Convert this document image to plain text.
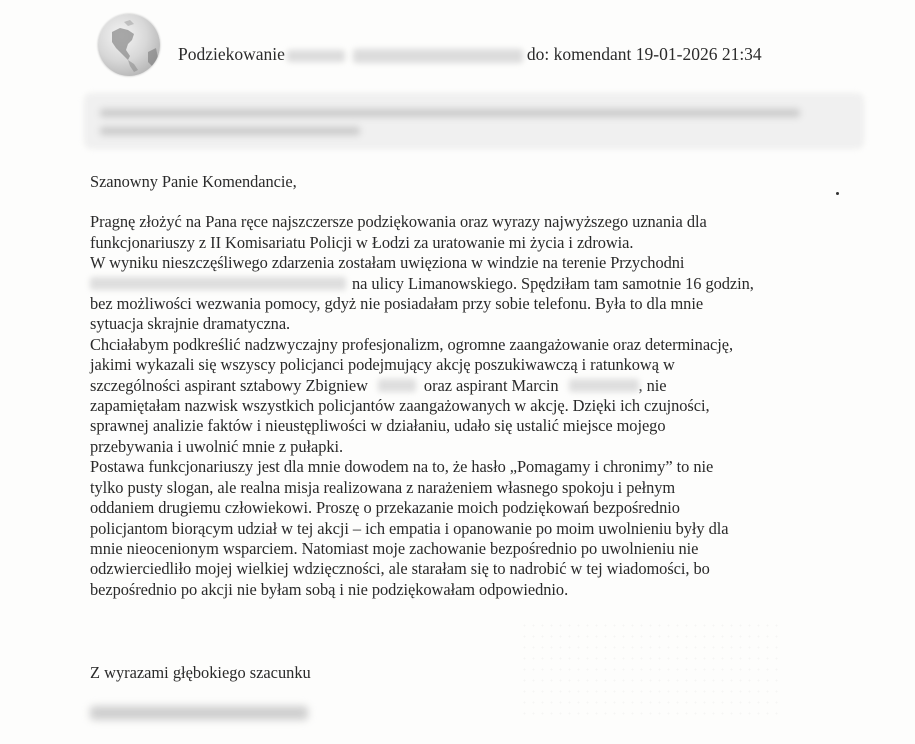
Podziekowanie	do: komendant 19-01-2026 21:34

Szanowny Panie Komendancie,

Pragnę złożyć na Pana ręce najszczersze podziękowania oraz wyrazy najwyższego uznania dla

funkcjonariuszy z II Komisariatu Policji w Łodzi za uratowanie mi życia i zdrowia.

W wyniku nieszczęśliwego zdarzenia zostałam uwięziona w windzie na terenie Przychodni

na ulicy Limanowskiego. Spędziłam tam samotnie 16 godzin,

bez możliwości wezwania pomocy, gdyż nie posiadałam przy sobie telefonu. Była to dla mnie

sytuacja skrajnie dramatyczna.

Chciałabym podkreślić nadzwyczajny profesjonalizm, ogromne zaangażowanie oraz determinację,

jakimi wykazali się wszyscy policjanci podejmujący akcję poszukiwawczą i ratunkową w

szczególności aspirant sztabowy Zbigniew	oraz aspirant Marcin	, nie

zapamiętałam nazwisk wszystkich policjantów zaangażowanych w akcję. Dzięki ich czujności,

sprawnej analizie faktów i nieustępliwości w działaniu, udało się ustalić miejsce mojego

przebywania i uwolnić mnie z pułapki.

Postawa funkcjonariuszy jest dla mnie dowodem na to, że hasło „Pomagamy i chronimy” to nie

tylko pusty slogan, ale realna misja realizowana z narażeniem własnego spokoju i pełnym

oddaniem drugiemu człowiekowi. Proszę o przekazanie moich podziękowań bezpośrednio

policjantom biorącym udział w tej akcji – ich empatia i opanowanie po moim uwolnieniu były dla

mnie nieocenionym wsparciem. Natomiast moje zachowanie bezpośrednio po uwolnieniu nie

odzwierciedliło mojej wielkiej wdzięczności, ale starałam się to nadrobić w tej wiadomości, bo

bezpośrednio po akcji nie byłam sobą i nie podziękowałam odpowiednio.

Z wyrazami głębokiego szacunku
